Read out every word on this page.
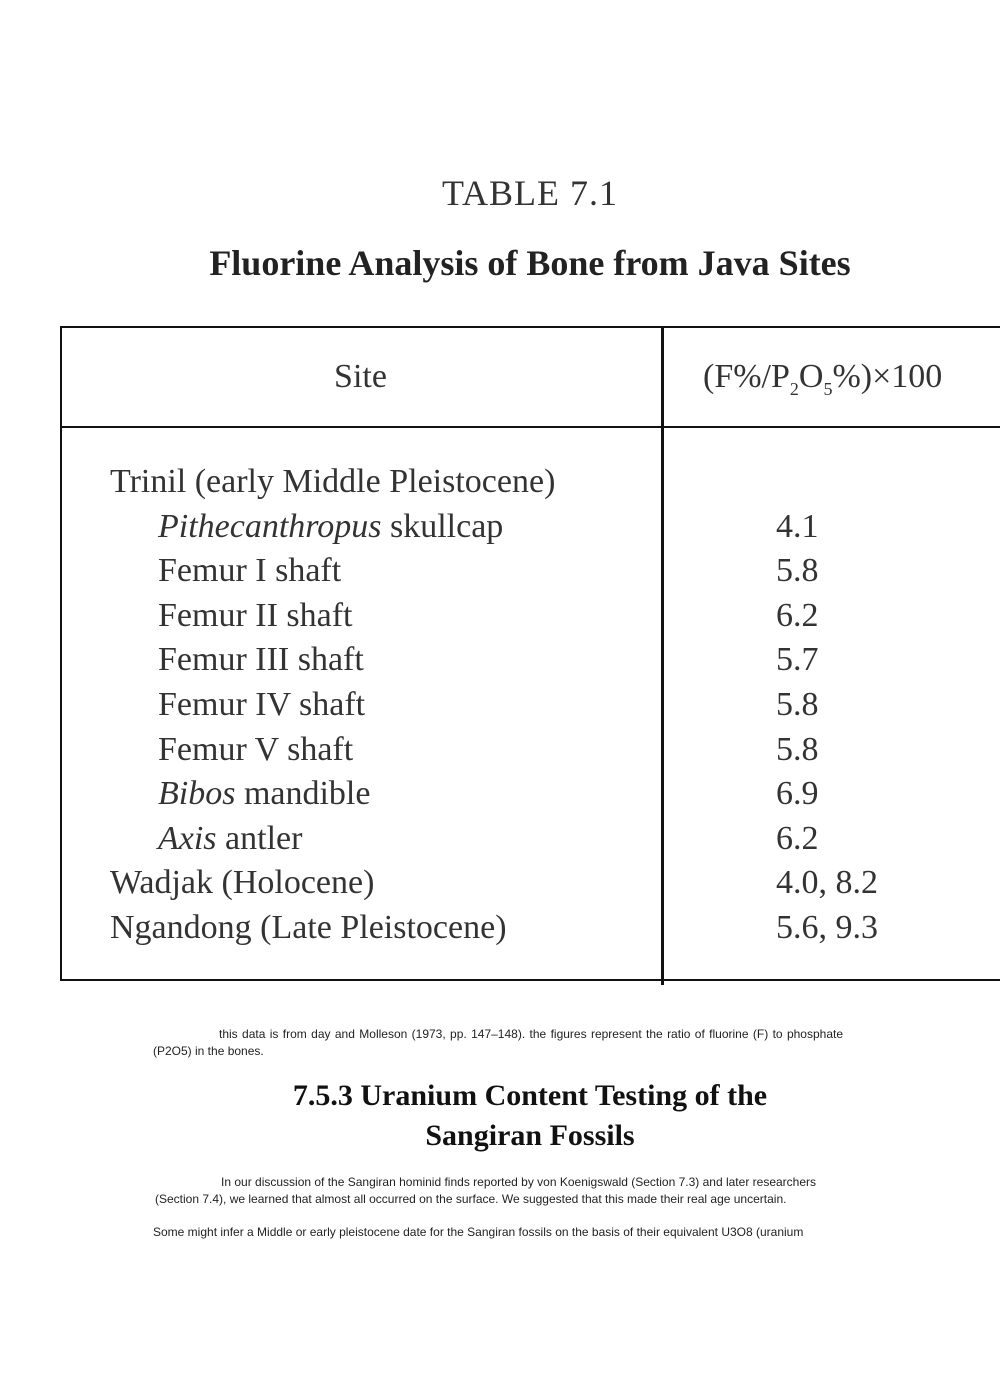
TABLE 7.1
Fluorine Analysis of Bone from Java Sites
Site	$(F\%/P_2O_5\%)\times 100$
Trinil (early Middle Pleistocene)
Pithecanthropus skullcap	4.1
Femur I shaft	5.8
Femur II shaft	6.2
Femur III shaft	5.7
Femur IV shaft	5.8
Femur V shaft	5.8
Bibos mandible	6.9
Axis antler	6.2
Wadjak (Holocene)	4.0, 8.2
Ngandong (Late Pleistocene)	5.6, 9.3
this data is from day and Molleson (1973, pp. 147–148). the figures represent the ratio of fluorine (F) to phosphate (P2O5) in the bones.
7.5.3 Uranium Content Testing of the
Sangiran Fossils
In our discussion of the Sangiran hominid finds reported by von Koenigswald (Section 7.3) and later researchers (Section 7.4), we learned that almost all occurred on the surface. We suggested that this made their real age uncertain.
Some might infer a Middle or early pleistocene date for the Sangiran fossils on the basis of their equivalent U3O8 (uranium
